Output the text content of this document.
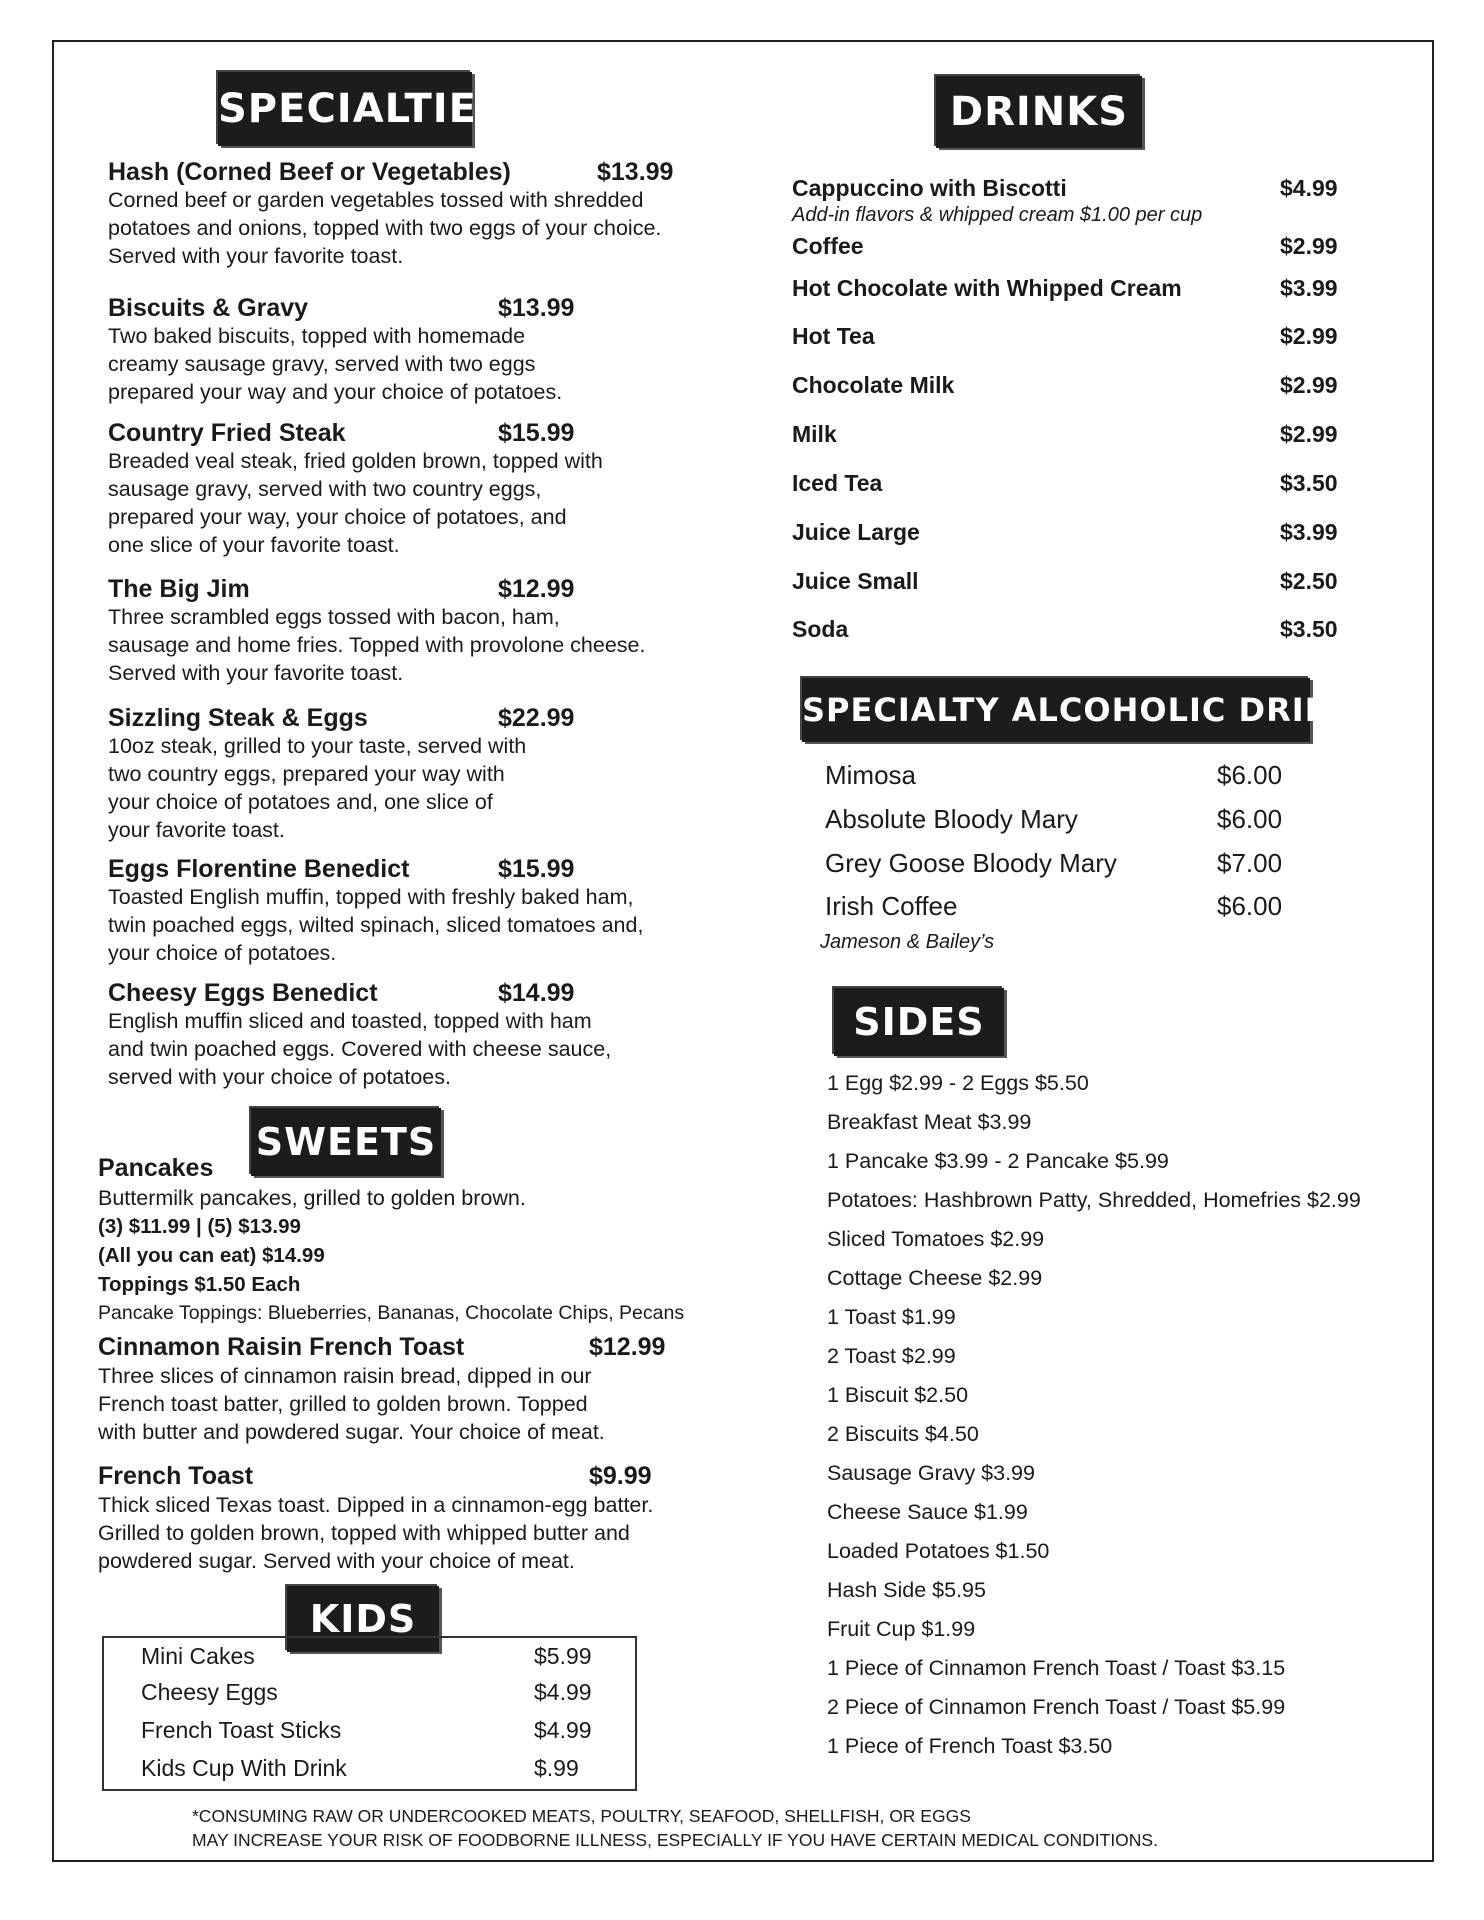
SPECIALTIES	DRINKS
SPECIALTY ALCOHOLIC DRINKS
SIDES
SWEETS
KIDS
Hash (Corned Beef or Vegetables)	$13.99
Corned beef or garden vegetables tossed with shredded
potatoes and onions, topped with two eggs of your choice.
Served with your favorite toast.
Biscuits & Gravy	$13.99
Two baked biscuits, topped with homemade
creamy sausage gravy, served with two eggs
prepared your way and your choice of potatoes.
Country Fried Steak	$15.99
Breaded veal steak, fried golden brown, topped with
sausage gravy, served with two country eggs,
prepared your way, your choice of potatoes, and
one slice of your favorite toast.
The Big Jim	$12.99
Three scrambled eggs tossed with bacon, ham,
sausage and home fries. Topped with provolone cheese.
Served with your favorite toast.
Sizzling Steak & Eggs	$22.99
10oz steak, grilled to your taste, served with
two country eggs, prepared your way with
your choice of potatoes and, one slice of
your favorite toast.
Eggs Florentine Benedict	$15.99
Toasted English muffin, topped with freshly baked ham,
twin poached eggs, wilted spinach, sliced tomatoes and,
your choice of potatoes.
Cheesy Eggs Benedict	$14.99
English muffin sliced and toasted, topped with ham
and twin poached eggs. Covered with cheese sauce,
served with your choice of potatoes.
Pancakes
Buttermilk pancakes, grilled to golden brown.
(3) $11.99 | (5) $13.99
(All you can eat) $14.99
Toppings $1.50 Each
Pancake Toppings: Blueberries, Bananas, Chocolate Chips, Pecans
Cinnamon Raisin French Toast	$12.99
Three slices of cinnamon raisin bread, dipped in our
French toast batter, grilled to golden brown. Topped
with butter and powdered sugar. Your choice of meat.
French Toast	$9.99
Thick sliced Texas toast. Dipped in a cinnamon-egg batter.
Grilled to golden brown, topped with whipped butter and
powdered sugar. Served with your choice of meat.
Mini Cakes	$5.99
Cheesy Eggs	$4.99
French Toast Sticks	$4.99
Kids Cup With Drink	$.99
Cappuccino with Biscotti	$4.99
Add-in flavors & whipped cream $1.00 per cup
Coffee	$2.99
Hot Chocolate with Whipped Cream	$3.99
Hot Tea	$2.99
Chocolate Milk	$2.99
Milk	$2.99
Iced Tea	$3.50
Juice Large	$3.99
Juice Small	$2.50
Soda	$3.50
Mimosa	$6.00
Absolute Bloody Mary	$6.00
Grey Goose Bloody Mary	$7.00
Irish Coffee	$6.00
Jameson & Bailey’s
1 Egg $2.99 - 2 Eggs $5.50
Breakfast Meat $3.99
1 Pancake $3.99 - 2 Pancake $5.99
Potatoes: Hashbrown Patty, Shredded, Homefries $2.99
Sliced Tomatoes $2.99
Cottage Cheese $2.99
1 Toast $1.99
2 Toast $2.99
1 Biscuit $2.50
2 Biscuits $4.50
Sausage Gravy $3.99
Cheese Sauce $1.99
Loaded Potatoes $1.50
Hash Side $5.95
Fruit Cup $1.99
1 Piece of Cinnamon French Toast / Toast $3.15
2 Piece of Cinnamon French Toast / Toast $5.99
1 Piece of French Toast $3.50
*CONSUMING RAW OR UNDERCOOKED MEATS, POULTRY, SEAFOOD, SHELLFISH, OR EGGS
MAY INCREASE YOUR RISK OF FOODBORNE ILLNESS, ESPECIALLY IF YOU HAVE CERTAIN MEDICAL CONDITIONS.
